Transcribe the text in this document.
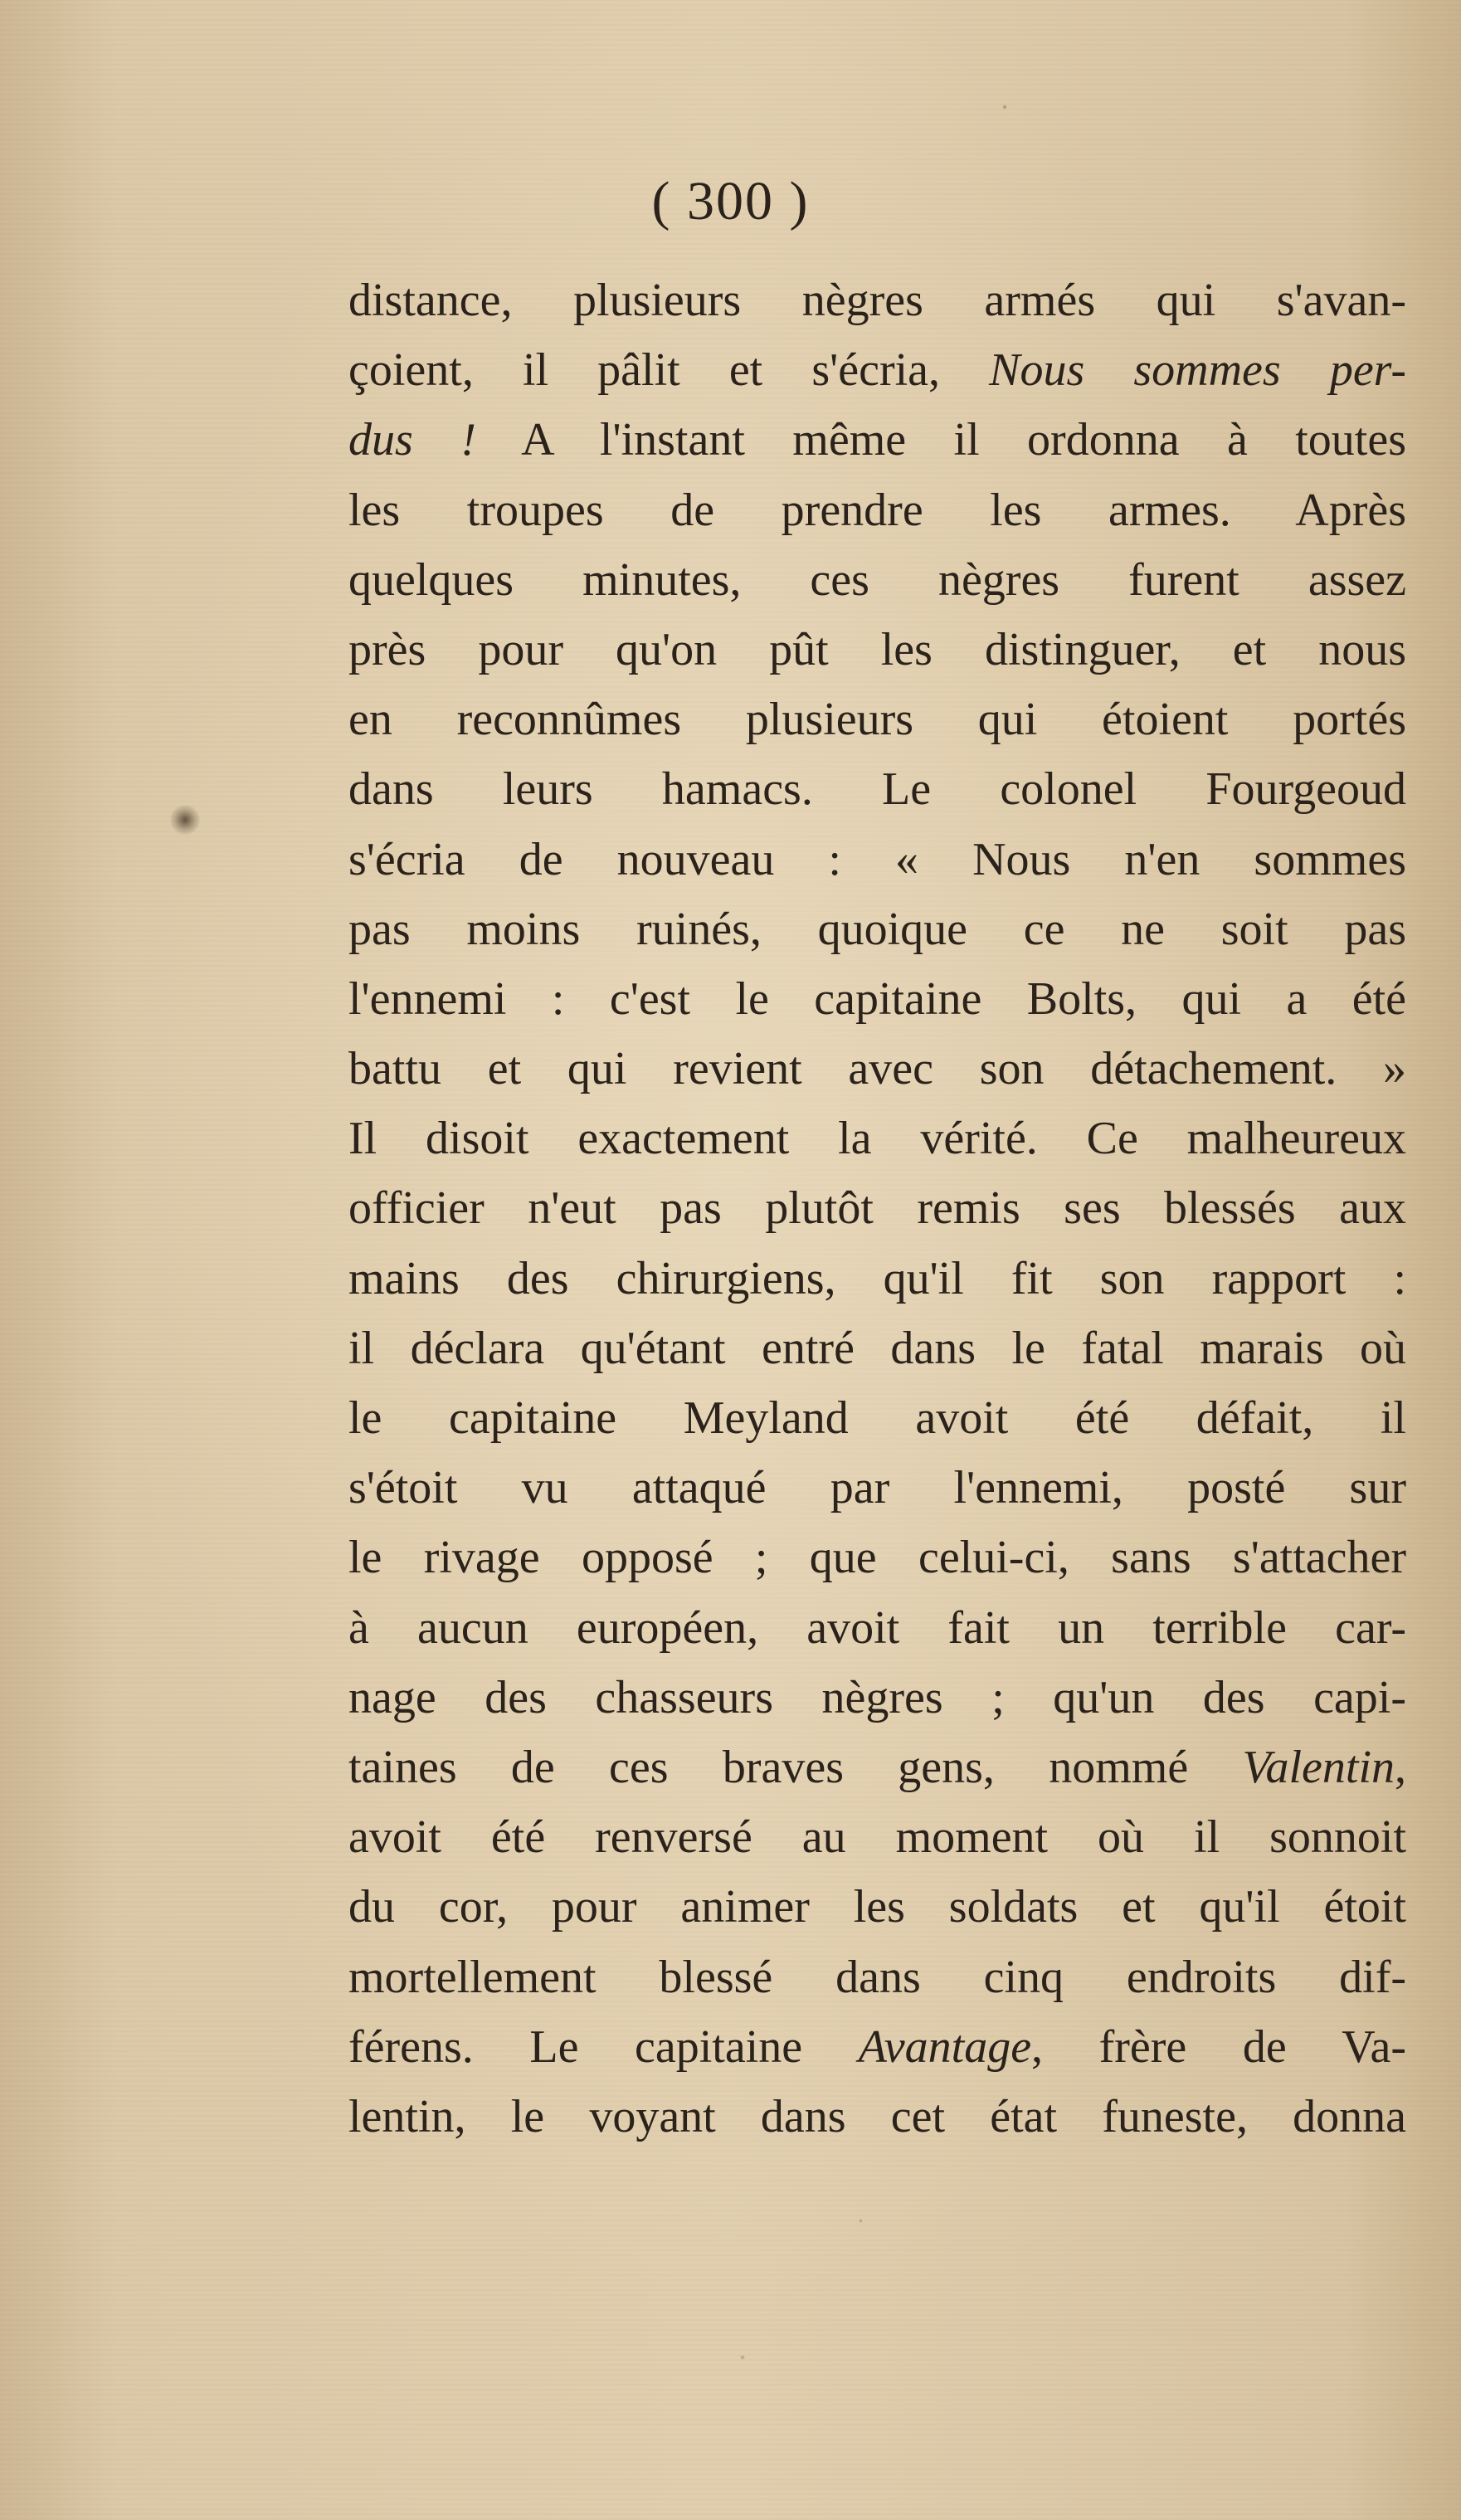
( 300 )
distance, plusieurs nègres armés qui s'avan-
çoient, il pâlit et s'écria, Nous sommes per-
dus ! A l'instant même il ordonna à toutes
les troupes de prendre les armes. Après
quelques minutes, ces nègres furent assez
près pour qu'on pût les distinguer, et nous
en reconnûmes plusieurs qui étoient portés
dans leurs hamacs. Le colonel Fourgeoud
s'écria de nouveau : « Nous n'en sommes
pas moins ruinés, quoique ce ne soit pas
l'ennemi : c'est le capitaine Bolts, qui a été
battu et qui revient avec son détachement. »
Il disoit exactement la vérité. Ce malheureux
officier n'eut pas plutôt remis ses blessés aux
mains des chirurgiens, qu'il fit son rapport :
il déclara qu'étant entré dans le fatal marais où
le capitaine Meyland avoit été défait, il
s'étoit vu attaqué par l'ennemi, posté sur
le rivage opposé ; que celui-ci, sans s'attacher
à aucun européen, avoit fait un terrible car-
nage des chasseurs nègres ; qu'un des capi-
taines de ces braves gens, nommé Valentin,
avoit été renversé au moment où il sonnoit
du cor, pour animer les soldats et qu'il étoit
mortellement blessé dans cinq endroits dif-
férens. Le capitaine Avantage, frère de Va-
lentin, le voyant dans cet état funeste, donna
